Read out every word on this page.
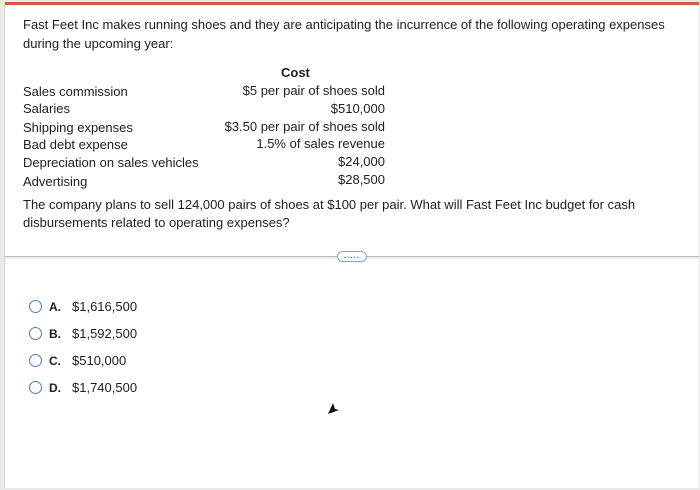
Fast Feet Inc makes running shoes and they are anticipating the incurrence of the following operating expenses during the upcoming year:

Cost
Sales commission	$5 per pair of shoes sold
Salaries	$510,000
Shipping expenses	$3.50 per pair of shoes sold
Bad debt expense	1.5% of sales revenue
Depreciation on sales vehicles	$24,000
Advertising	$28,500

The company plans to sell 124,000 pairs of shoes at $100 per pair. What will Fast Feet Inc budget for cash disbursements related to operating expenses?

.....
A. $1,616,500
B. $1,592,500
C. $510,000
D. $1,740,500
